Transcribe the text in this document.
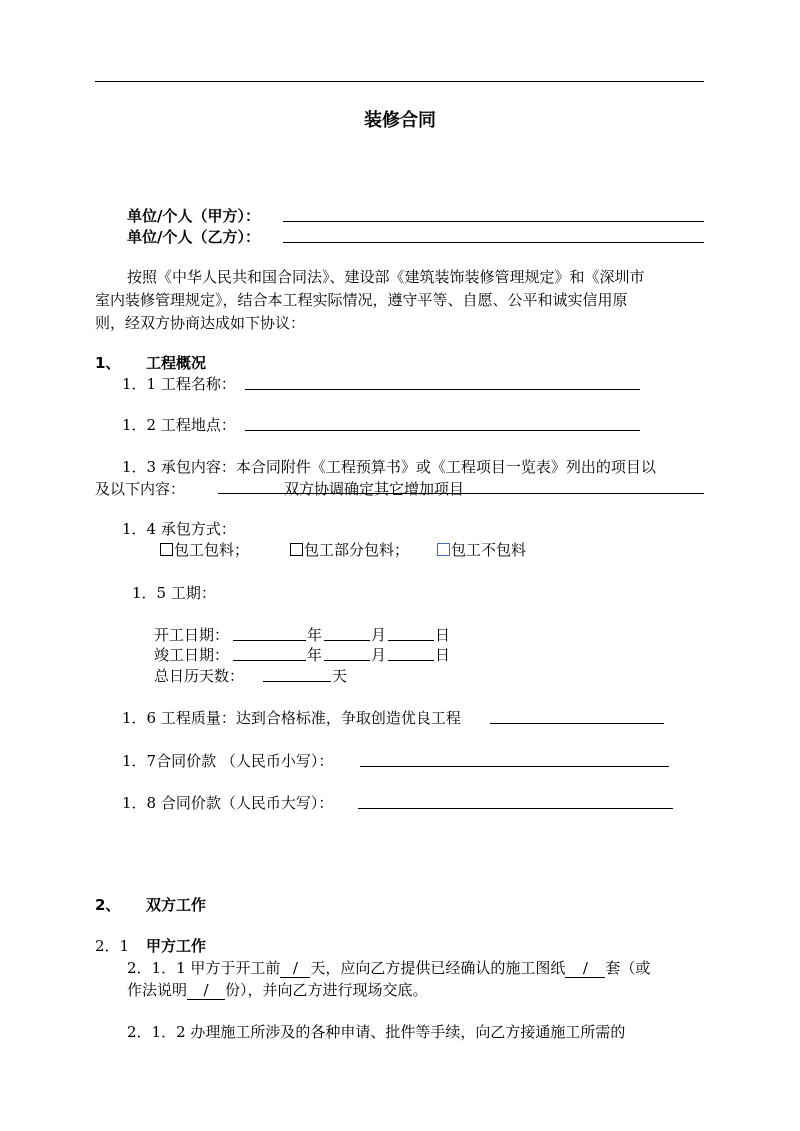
装修合同
单位/个人（甲方）：
单位/个人（乙方）：
按照《中华人民共和国合同法》、建设部《建筑装饰装修管理规定》和《深圳市
室内装修管理规定》，结合本工程实际情况，遵守平等、自愿、公平和诚实信用原
则，经双方协商达成如下协议：
1、 工程概况
1．1 工程名称：
1．2 工程地点：
1．3 承包内容：本合同附件《工程预算书》或《工程项目一览表》列出的项目以
及以下内容：	双方协调确定其它增加项目
1．4 承包方式：
包工包料；	包工部分包料；	包工不包料
1．5 工期：
开工日期：	年	月	日
竣工日期：	年	月	日
总日历天数：	天
1．6 工程质量：达到合格标准，争取创造优良工程
1．7合同价款 （人民币小写）：
1．8 合同价款（人民币大写）：
2、 双方工作
2．1 甲方工作
2．1．1 甲方于开工前 / 天，应向乙方提供已经确认的施工图纸 / 套（或
作法说明 / 份），并向乙方进行现场交底。
2．1．2 办理施工所涉及的各种申请、批件等手续，向乙方接通施工所需的
